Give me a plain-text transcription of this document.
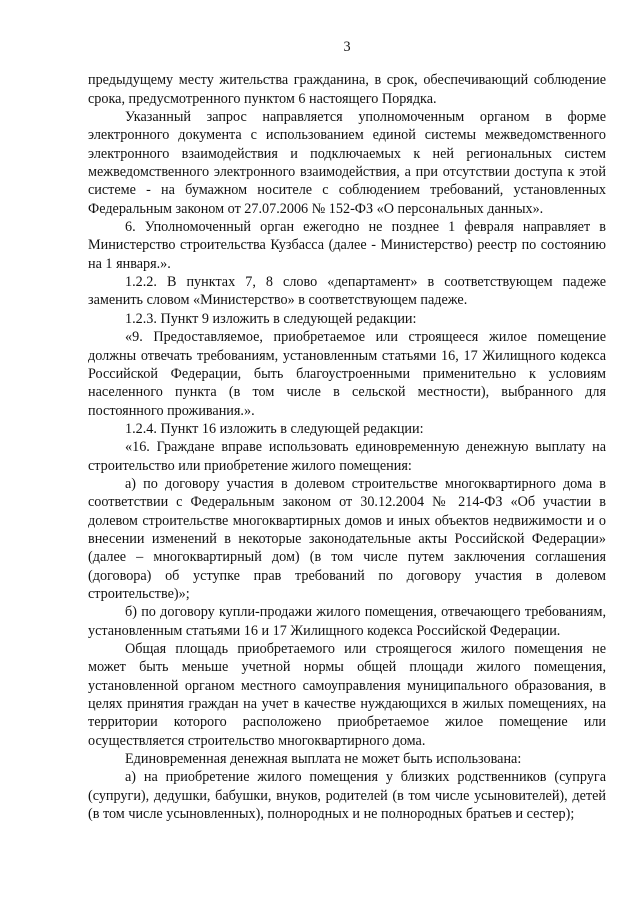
3

предыдущему месту жительства гражданина, в срок, обеспечивающий соблюдение срока, предусмотренного пунктом 6 настоящего Порядка.

Указанный запрос направляется уполномоченным органом в форме электронного документа с использованием единой системы межведомственного электронного взаимодействия и подключаемых к ней региональных систем межведомственного электронного взаимодействия, а при отсутствии доступа к этой системе - на бумажном носителе с соблюдением требований, установленных Федеральным законом от 27.07.2006 № 152-ФЗ «О персональных данных».

6. Уполномоченный орган ежегодно не позднее 1 февраля направляет в Министерство строительства Кузбасса (далее - Министерство) реестр по состоянию на 1 января.».

1.2.2. В пунктах 7, 8 слово «департамент» в соответствующем падеже заменить словом «Министерство» в соответствующем падеже.

1.2.3. Пункт 9 изложить в следующей редакции:

«9. Предоставляемое, приобретаемое или строящееся жилое помещение должны отвечать требованиям, установленным статьями 16, 17 Жилищного кодекса Российской Федерации, быть благоустроенными применительно к условиям населенного пункта (в том числе в сельской местности), выбранного для постоянного проживания.».

1.2.4. Пункт 16 изложить в следующей редакции:

«16. Граждане вправе использовать единовременную денежную выплату на строительство или приобретение жилого помещения:

а) по договору участия в долевом строительстве многоквартирного дома в соответствии с Федеральным законом от 30.12.2004 № 214-ФЗ «Об участии в долевом строительстве многоквартирных домов и иных объектов недвижимости и о внесении изменений в некоторые законодательные акты Российской Федерации» (далее – многоквартирный дом) (в том числе путем заключения соглашения (договора) об уступке прав требований по договору участия в долевом строительстве)»;

б) по договору купли-продажи жилого помещения, отвечающего требованиям, установленным статьями 16 и 17 Жилищного кодекса Российской Федерации.

Общая площадь приобретаемого или строящегося жилого помещения не может быть меньше учетной нормы общей площади жилого помещения, установленной органом местного самоуправления муниципального образования, в целях принятия граждан на учет в качестве нуждающихся в жилых помещениях, на территории которого расположено приобретаемое жилое помещение или осуществляется строительство многоквартирного дома.

Единовременная денежная выплата не может быть использована:

а) на приобретение жилого помещения у близких родственников (супруга (супруги), дедушки, бабушки, внуков, родителей (в том числе усыновителей), детей (в том числе усыновленных), полнородных и не полнородных братьев и сестер);
